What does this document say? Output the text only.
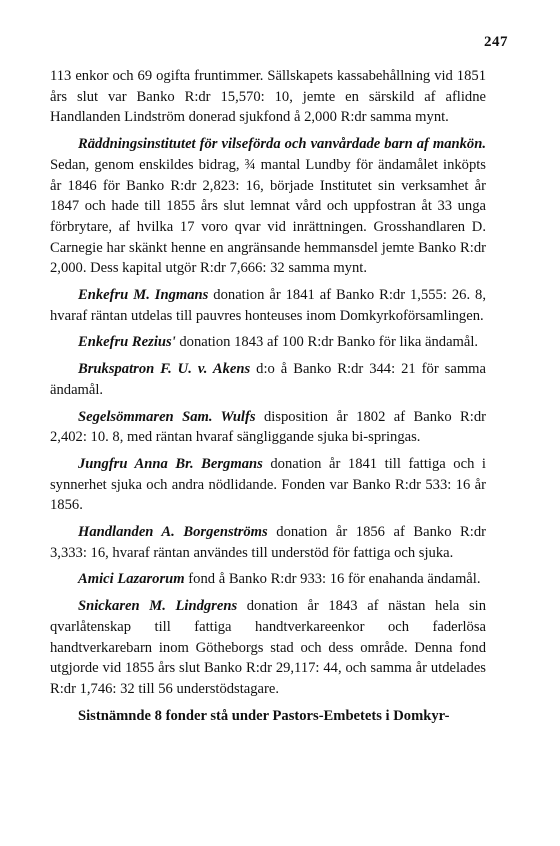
247

113 enkor och 69 ogifta fruntimmer. Sällskapets kassabehållning vid 1851 års slut var Banko R:dr 15,570: 10, jemte en särskild af aflidne Handlanden Lindström donerad sjukfond å 2,000 R:dr samma mynt.

Räddningsinstitutet för vilseförda och vanvårdade barn af mankön. Sedan, genom enskildes bidrag, ¾ mantal Lundby för ändamålet inköpts år 1846 för Banko R:dr 2,823: 16, började Institutet sin verksamhet år 1847 och hade till 1855 års slut lemnat vård och uppfostran åt 33 unga förbrytare, af hvilka 17 voro qvar vid inrättningen. Grosshandlaren D. Carnegie har skänkt henne en angränsande hemmansdel jemte Banko R:dr 2,000. Dess kapital utgör R:dr 7,666: 32 samma mynt.

Enkefru M. Ingmans donation år 1841 af Banko R:dr 1,555: 26. 8, hvaraf räntan utdelas till pauvres honteuses inom Domkyrkoförsamlingen.

Enkefru Rezius' donation 1843 af 100 R:dr Banko för lika ändamål.

Brukspatron F. U. v. Akens d:o å Banko R:dr 344: 21 för samma ändamål.

Segelsömmaren Sam. Wulfs disposition år 1802 af Banko R:dr 2,402: 10. 8, med räntan hvaraf sängliggande sjuka bi-springas.

Jungfru Anna Br. Bergmans donation år 1841 till fattiga och i synnerhet sjuka och andra nödlidande. Fonden var Banko R:dr 533: 16 år 1856.

Handlanden A. Borgenströms donation år 1856 af Banko R:dr 3,333: 16, hvaraf räntan användes till understöd för fattiga och sjuka.

Amici Lazarorum fond å Banko R:dr 933: 16 för enahanda ändamål.

Snickaren M. Lindgrens donation år 1843 af nästan hela sin qvarlåtenskap till fattiga handtverkareenkor och faderlösa handtverkarebarn inom Götheborgs stad och dess område. Denna fond utgjorde vid 1855 års slut Banko R:dr 29,117: 44, och samma år utdelades R:dr 1,746: 32 till 56 understödstagare.

Sistnämnde 8 fonder stå under Pastors-Embetets i Domkyr-
